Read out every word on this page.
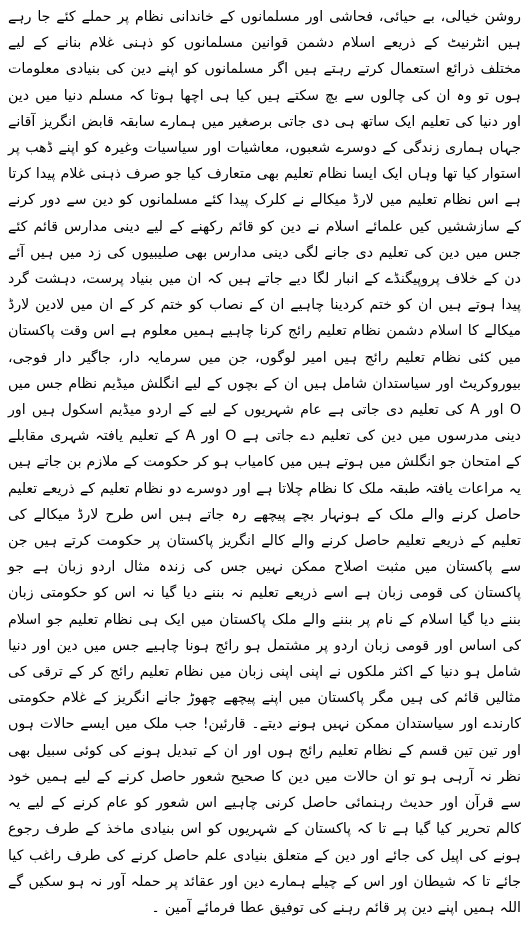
روشن خیالی، بے حیائی، فحاشی اور مسلمانوں کے خاندانی نظام پر حملے کئے جا رہے ہیں انٹرنیٹ کے ذریعے اسلام دشمن قوانین مسلمانوں کو ذہنی غلام بنانے کے لیے مختلف ذرائع استعمال کرتے رہتے ہیں اگر مسلمانوں کو اپنے دین کی بنیادی معلومات ہوں تو وہ ان کی چالوں سے بچ سکتے ہیں کیا ہی اچھا ہوتا کہ مسلم دنیا میں دین اور دنیا کی تعلیم ایک ساتھ ہی دی جاتی برصغیر میں ہمارے سابقہ قابض انگریز آقانے جہاں ہماری زندگی کے دوسرے شعبوں، معاشیات اور سیاسیات وغیرہ کو اپنے ڈھب پر استوار کیا تھا وہاں ایک ایسا نظام تعلیم بھی متعارف کیا جو صرف ذہنی غلام پیدا کرتا ہے اس نظام تعلیم میں لارڈ میکالے نے کلرک پیدا کئے مسلمانوں کو دین سے دور کرنے کے سازششیں کیں علمائے اسلام نے دین کو قائم رکھنے کے لیے دینی مدارس قائم کئے جس میں دین کی تعلیم دی جانے لگی دینی مدارس بھی صلیبیوں کی زد میں ہیں آئے دن کے خلاف پروپیگنڈے کے انبار لگا دیے جاتے ہیں کہ ان میں بنیاد پرست، دہشت گرد پیدا ہوتے ہیں ان کو ختم کردینا چاہیے ان کے نصاب کو ختم کر کے ان میں لادین لارڈ میکالے کا اسلام دشمن نظام تعلیم رائج کرنا چاہیے ہمیں معلوم ہے اس وقت پاکستان میں کئی نظام تعلیم رائج ہیں امیر لوگوں، جن میں سرمایہ دار، جاگیر دار فوجی، بیوروکریٹ اور سیاستدان شامل ہیں ان کے بچوں کے لیے انگلش میڈیم نظام جس میں O اور A کی تعلیم دی جاتی ہے عام شہریوں کے لیے کے اردو میڈیم اسکول ہیں اور دینی مدرسوں میں دین کی تعلیم دے جاتی ہے O اور A کے تعلیم یافتہ شہری مقابلے کے امتحان جو انگلش میں ہوتے ہیں میں کامیاب ہو کر حکومت کے ملازم بن جاتے ہیں یہ مراعات یافتہ طبقہ ملک کا نظام چلاتا ہے اور دوسرے دو نظام تعلیم کے ذریعے تعلیم حاصل کرنے والے ملک کے ہونہار بچے پیچھے رہ جاتے ہیں اس طرح لارڈ میکالے کی تعلیم کے ذریعے تعلیم حاصل کرنے والے کالے انگریز پاکستان پر حکومت کرتے ہیں جن سے پاکستان میں مثبت اصلاح ممکن نہیں جس کی زندہ مثال اردو زبان ہے جو پاکستان کی قومی زبان ہے اسے ذریعے تعلیم نہ بننے دیا گیا نہ اس کو حکومتی زبان بننے دیا گیا اسلام کے نام پر بننے والے ملک پاکستان میں ایک ہی نظام تعلیم جو اسلام کی اساس اور قومی زبان اردو پر مشتمل ہو رائج ہونا چاہیے جس میں دین اور دنیا شامل ہو دنیا کے اکثر ملکوں نے اپنی اپنی زبان میں نظام تعلیم رائج کر کے ترقی کی مثالیں قائم کی ہیں مگر پاکستان میں اپنے پیچھے چھوڑ جانے انگریز کے غلام حکومتی کارندے اور سیاستدان ممکن نہیں ہونے دیتے۔ قارئین! جب ملک میں ایسے حالات ہوں اور تین تین قسم کے نظام تعلیم رائج ہوں اور ان کے تبدیل ہونے کی کوئی سبیل بھی نظر نہ آرہی ہو تو ان حالات میں دین کا صحیح شعور حاصل کرنے کے لیے ہمیں خود سے قرآن اور حدیث رہنمائی حاصل کرنی چاہیے اس شعور کو عام کرنے کے لیے یہ کالم تحریر کیا گیا ہے تا کہ پاکستان کے شہریوں کو اس بنیادی ماخذ کے طرف رجوع ہونے کی اپیل کی جائے اور دین کے متعلق بنیادی علم حاصل کرنے کی طرف راغب کیا جائے تا کہ شیطان اور اس کے چیلے ہمارے دین اور عقائد پر حملہ آور نہ ہو سکیں گے اللہ ہمیں اپنے دین پر قائم رہنے کی توفیق عطا فرمائے آمین ۔
